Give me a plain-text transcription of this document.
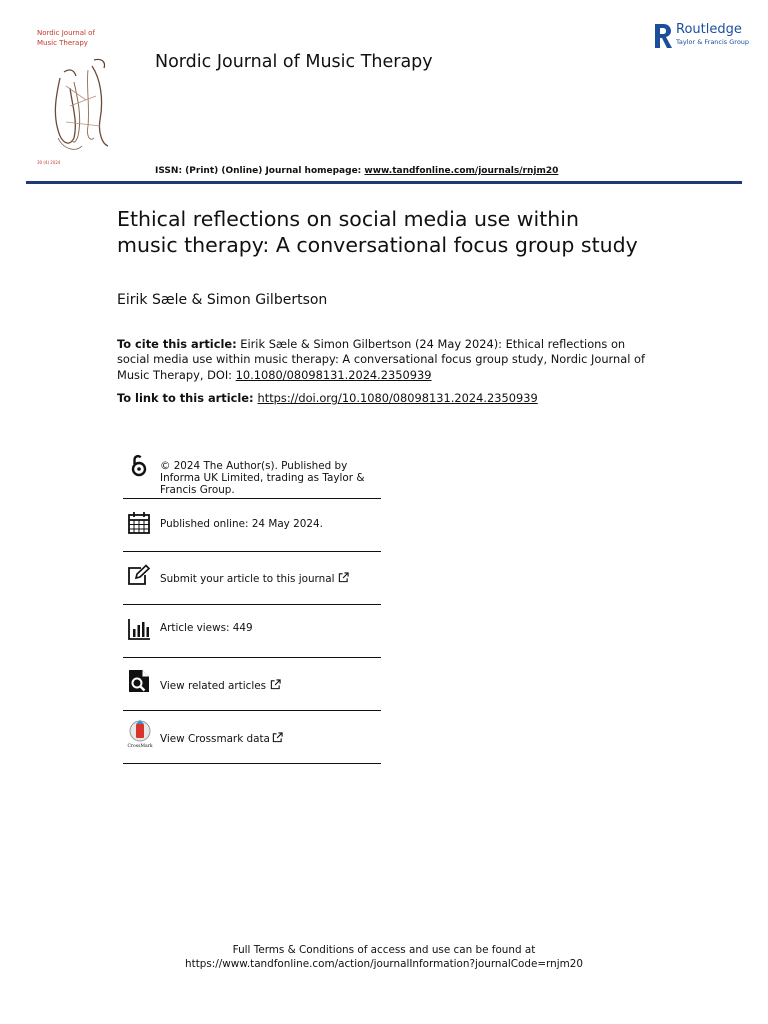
Nordic Journal of Music Therapy
30 (4) 2024
Nordic Journal of Music Therapy
Routledge
Taylor & Francis Group
ISSN: (Print) (Online) Journal homepage: www.tandfonline.com/journals/rnjm20
Ethical reflections on social media use within
music therapy: A conversational focus group study
Eirik Sæle & Simon Gilbertson
To cite this article: Eirik Sæle & Simon Gilbertson (24 May 2024): Ethical reflections on social media use within music therapy: A conversational focus group study, Nordic Journal of Music Therapy, DOI: 10.1080/08098131.2024.2350939
To link to this article: https://doi.org/10.1080/08098131.2024.2350939
© 2024 The Author(s). Published by Informa UK Limited, trading as Taylor & Francis Group.
Published online: 24 May 2024.
Submit your article to this journal
Article views: 449
View related articles
CrossMark
View Crossmark data
Full Terms & Conditions of access and use can be found at
https://www.tandfonline.com/action/journalInformation?journalCode=rnjm20
